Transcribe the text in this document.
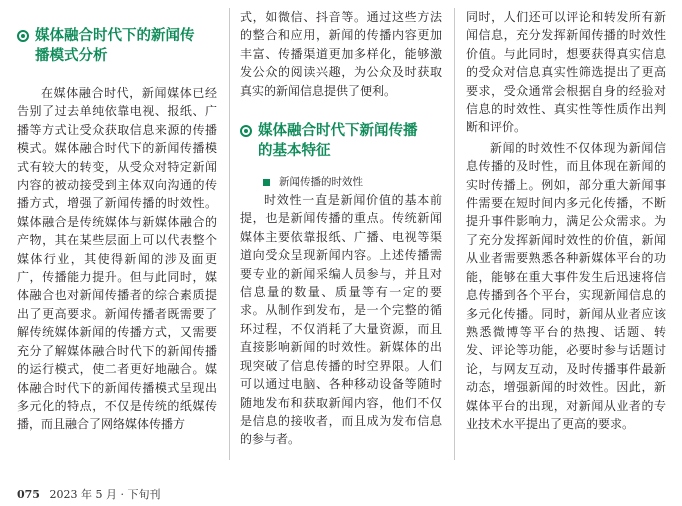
媒体融合时代下的新闻传
播模式分析

在媒体融合时代，新闻媒体已经告别了过去单纯依靠电视、报纸、广播等方式让受众获取信息来源的传播模式。媒体融合时代下的新闻传播模式有较大的转变，从受众对特定新闻内容的被动接受到主体双向沟通的传播方式，增强了新闻传播的时效性。媒体融合是传统媒体与新媒体融合的产物，其在某些层面上可以代表整个媒体行业，其使得新闻的涉及面更广，传播能力提升。但与此同时，媒体融合也对新闻传播者的综合素质提出了更高要求。新闻传播者既需要了解传统媒体新闻的传播方式，又需要充分了解媒体融合时代下的新闻传播的运行模式，使二者更好地融合。媒体融合时代下的新闻传播模式呈现出多元化的特点，不仅是传统的纸媒传播，而且融合了网络媒体传播方

式，如微信、抖音等。通过这些方法的整合和应用，新闻的传播内容更加丰富、传播渠道更加多样化，能够激发公众的阅读兴趣，为公众及时获取真实的新闻信息提供了便利。

媒体融合时代下新闻传播
的基本特征
新闻传播的时效性

时效性一直是新闻价值的基本前提，也是新闻传播的重点。传统新闻媒体主要依靠报纸、广播、电视等渠道向受众呈现新闻内容。上述传播需要专业的新闻采编人员参与，并且对信息量的数量、质量等有一定的要求。从制作到发布，是一个完整的循环过程，不仅消耗了大量资源，而且直接影响新闻的时效性。新媒体的出现突破了信息传播的时空界限。人们可以通过电脑、各种移动设备等随时随地发布和获取新闻内容，他们不仅是信息的接收者，而且成为发布信息的参与者。

同时，人们还可以评论和转发所有新闻信息，充分发挥新闻传播的时效性价值。与此同时，想要获得真实信息的受众对信息真实性筛选提出了更高要求，受众通常会根据自身的经验对信息的时效性、真实性等性质作出判断和评价。

新闻的时效性不仅体现为新闻信息传播的及时性，而且体现在新闻的实时传播上。例如，部分重大新闻事件需要在短时间内多元化传播，不断提升事件影响力，满足公众需求。为了充分发挥新闻时效性的价值，新闻从业者需要熟悉各种新媒体平台的功能，能够在重大事件发生后迅速将信息传播到各个平台，实现新闻信息的多元化传播。同时，新闻从业者应该熟悉微博等平台的热搜、话题、转发、评论等功能，必要时参与话题讨论，与网友互动，及时传播事件最新动态，增强新闻的时效性。因此，新媒体平台的出现，对新闻从业者的专业技术水平提出了更高的要求。

075 2023 年 5 月 · 下旬刊
